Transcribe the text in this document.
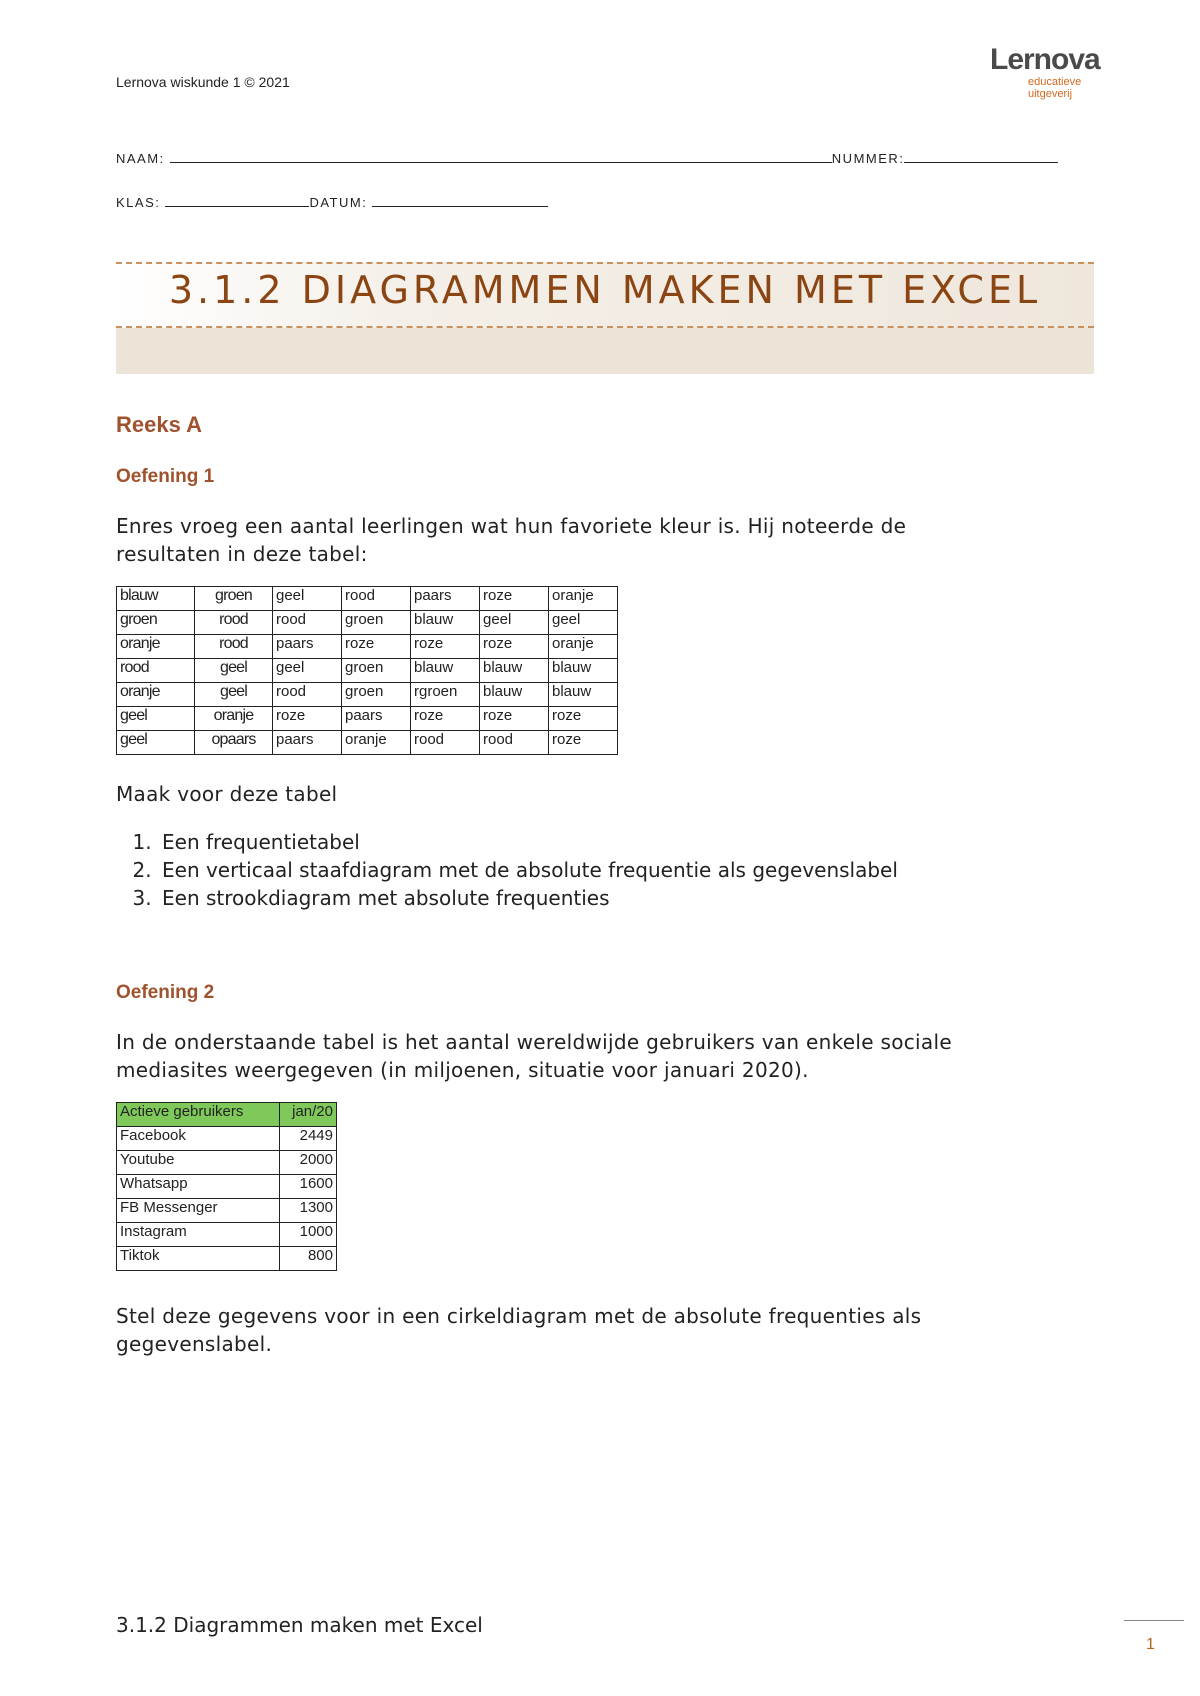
Lernova wiskunde 1 © 2021
Lernova
educatieve
uitgeverij
NAAM:	NUMMER:
KLAS:	DATUM:
3.1.2 DIAGRAMMEN MAKEN MET EXCEL
Reeks A
Oefening 1
Enres vroeg een aantal leerlingen wat hun favoriete kleur is. Hij noteerde de
resultaten in deze tabel:
blauw	groen	geel	rood	paars	roze	oranje
groen	rood	rood	groen	blauw	geel	geel
oranje	rood	paars	roze	roze	roze	oranje
rood	geel	geel	groen	blauw	blauw	blauw
oranje	geel	rood	groen	rgroen	blauw	blauw
geel	oranje	roze	paars	roze	roze	roze
geel	opaars	paars	oranje	rood	rood	roze
Maak voor deze tabel
1. Een frequentietabel
2. Een verticaal staafdiagram met de absolute frequentie als gegevenslabel
3. Een strookdiagram met absolute frequenties
Oefening 2
In de onderstaande tabel is het aantal wereldwijde gebruikers van enkele sociale
mediasites weergegeven (in miljoenen, situatie voor januari 2020).
Actieve gebruikers	jan/20
Facebook	2449
Youtube	2000
Whatsapp	1600
FB Messenger	1300
Instagram	1000
Tiktok	800
Stel deze gegevens voor in een cirkeldiagram met de absolute frequenties als
gegevenslabel.
3.1.2 Diagrammen maken met Excel
1
